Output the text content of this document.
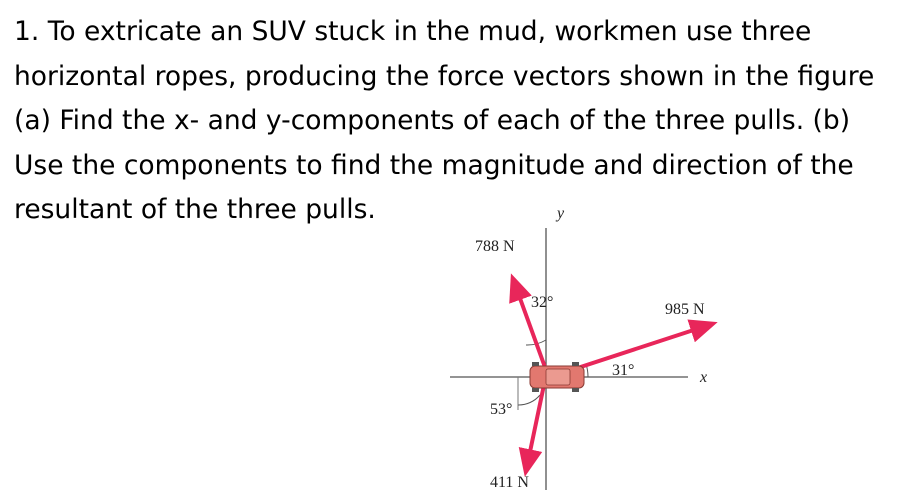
1. To extricate an SUV stuck in the mud, workmen use three
horizontal ropes, producing the force vectors shown in the figure
(a) Find the x- and y-components of each of the three pulls. (b)
Use the components to find the magnitude and direction of the
resultant of the three pulls.
x
y
788 N
32°	985 N
31°
53°
411 N
